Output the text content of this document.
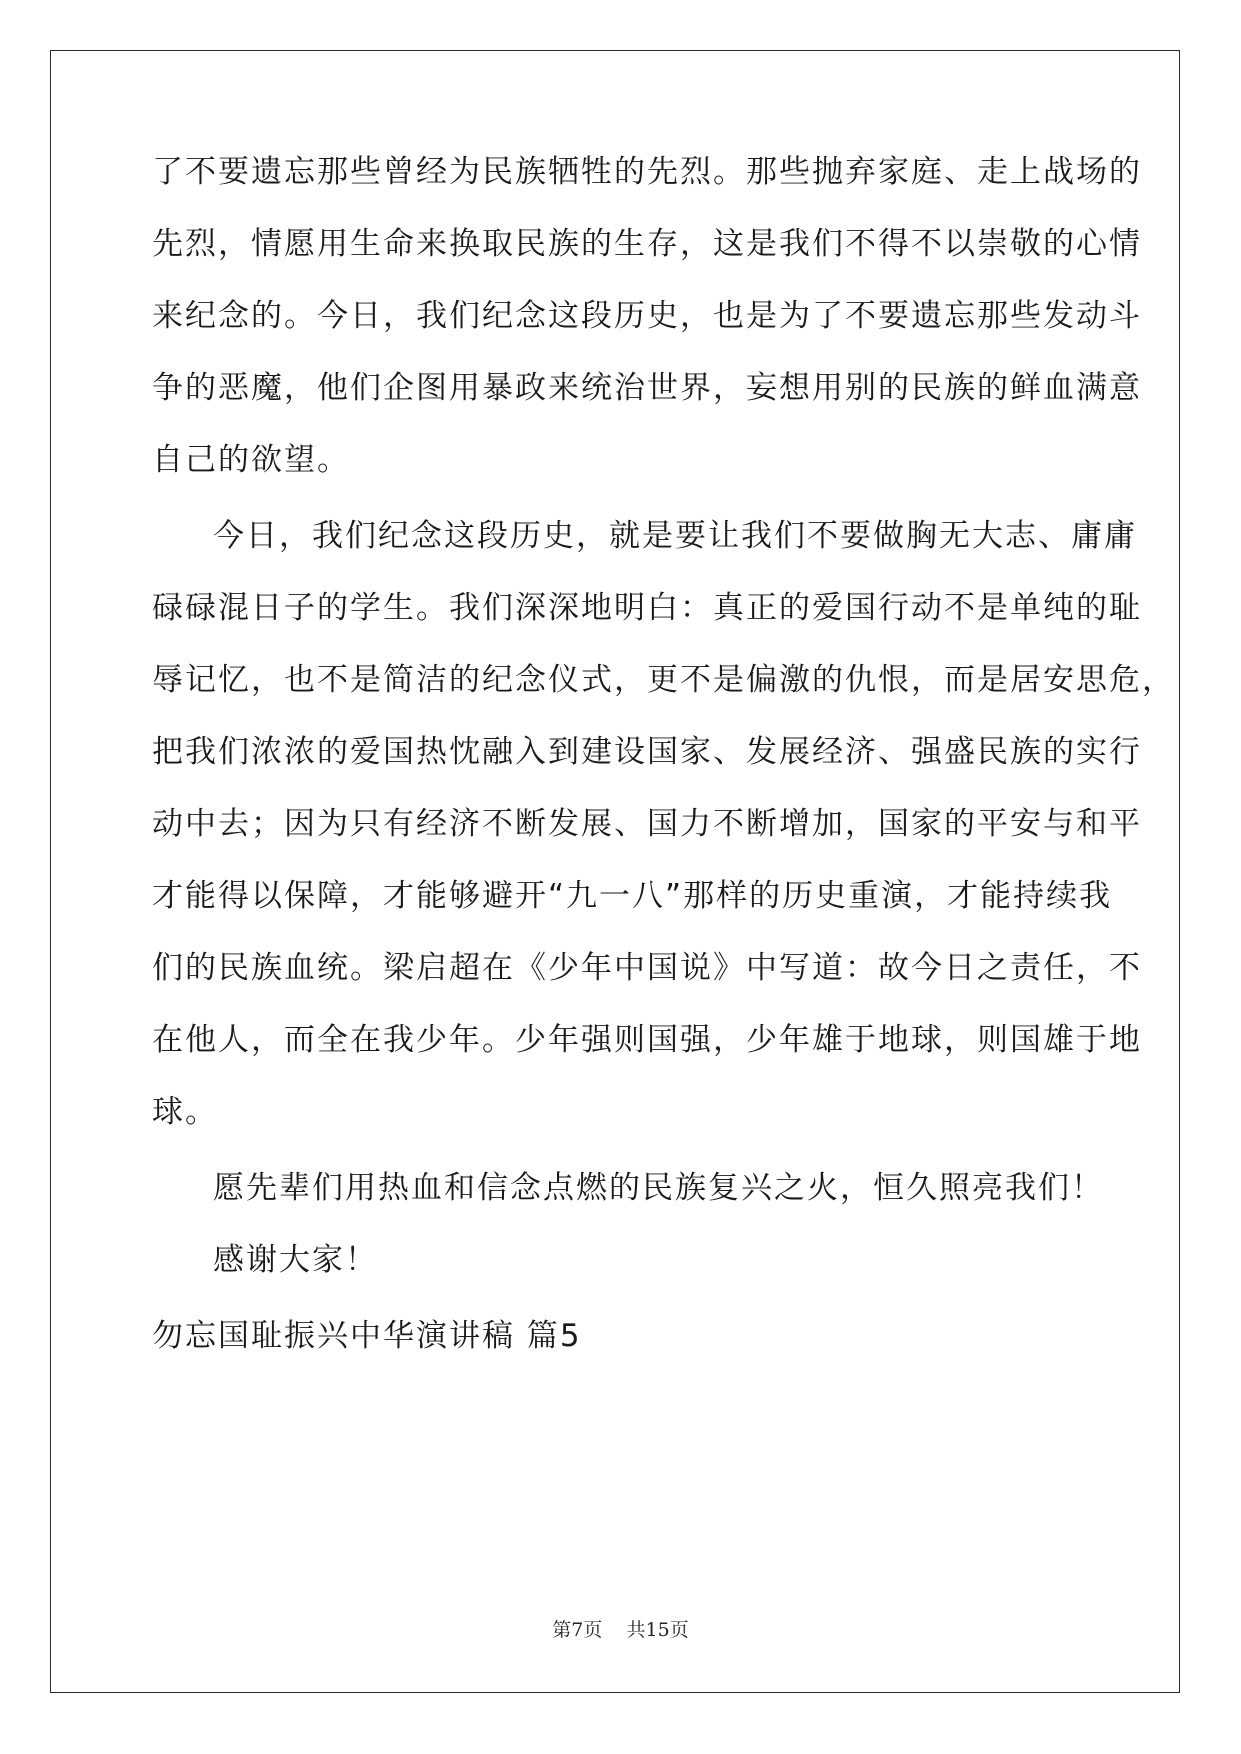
了不要遗忘那些曾经为民族牺牲的先烈。那些抛弃家庭、走上战场的
先烈，情愿用生命来换取民族的生存，这是我们不得不以崇敬的心情
来纪念的。今日，我们纪念这段历史，也是为了不要遗忘那些发动斗
争的恶魔，他们企图用暴政来统治世界，妄想用别的民族的鲜血满意
自己的欲望。
今日，我们纪念这段历史，就是要让我们不要做胸无大志、庸庸
碌碌混日子的学生。我们深深地明白：真正的爱国行动不是单纯的耻
辱记忆，也不是简洁的纪念仪式，更不是偏激的仇恨，而是居安思危，
把我们浓浓的爱国热忱融入到建设国家、发展经济、强盛民族的实行
动中去；因为只有经济不断发展、国力不断增加，国家的平安与和平
才能得以保障，才能够避开“九一八”那样的历史重演，才能持续我
们的民族血统。梁启超在《少年中国说》中写道：故今日之责任，不
在他人，而全在我少年。少年强则国强，少年雄于地球，则国雄于地
球。
愿先辈们用热血和信念点燃的民族复兴之火，恒久照亮我们！
感谢大家！
勿忘国耻振兴中华演讲稿 篇5
第7页 共15页
